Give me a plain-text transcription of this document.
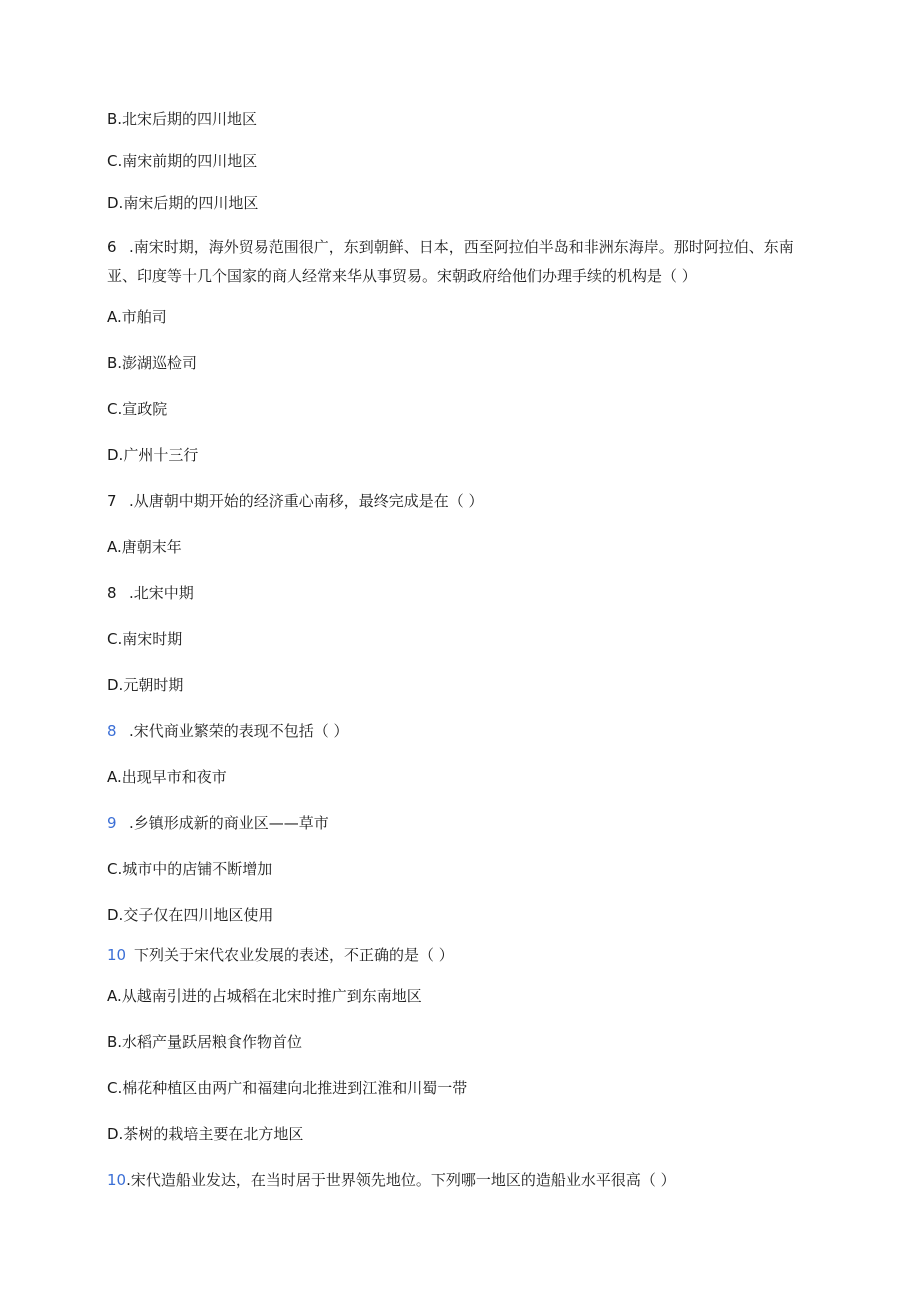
B.北宋后期的四川地区
C.南宋前期的四川地区
D.南宋后期的四川地区
6 .南宋时期，海外贸易范围很广，东到朝鲜、日本，西至阿拉伯半岛和非洲东海岸。那时阿拉伯、东南
亚、印度等十几个国家的商人经常来华从事贸易。宋朝政府给他们办理手续的机构是（ ）
A.市舶司
B.澎湖巡检司
C.宣政院
D.广州十三行
7 .从唐朝中期开始的经济重心南移，最终完成是在（ ）
A.唐朝末年
8 .北宋中期
C.南宋时期
D.元朝时期
8 .宋代商业繁荣的表现不包括（ ）
A.出现早市和夜市
9 .乡镇形成新的商业区——草市
C.城市中的店铺不断增加
D.交子仅在四川地区使用
10 下列关于宋代农业发展的表述，不正确的是（ ）
A.从越南引进的占城稻在北宋时推广到东南地区
B.水稻产量跃居粮食作物首位
C.棉花种植区由两广和福建向北推进到江淮和川蜀一带
D.茶树的栽培主要在北方地区
10.宋代造船业发达，在当时居于世界领先地位。下列哪一地区的造船业水平很高（ ）
